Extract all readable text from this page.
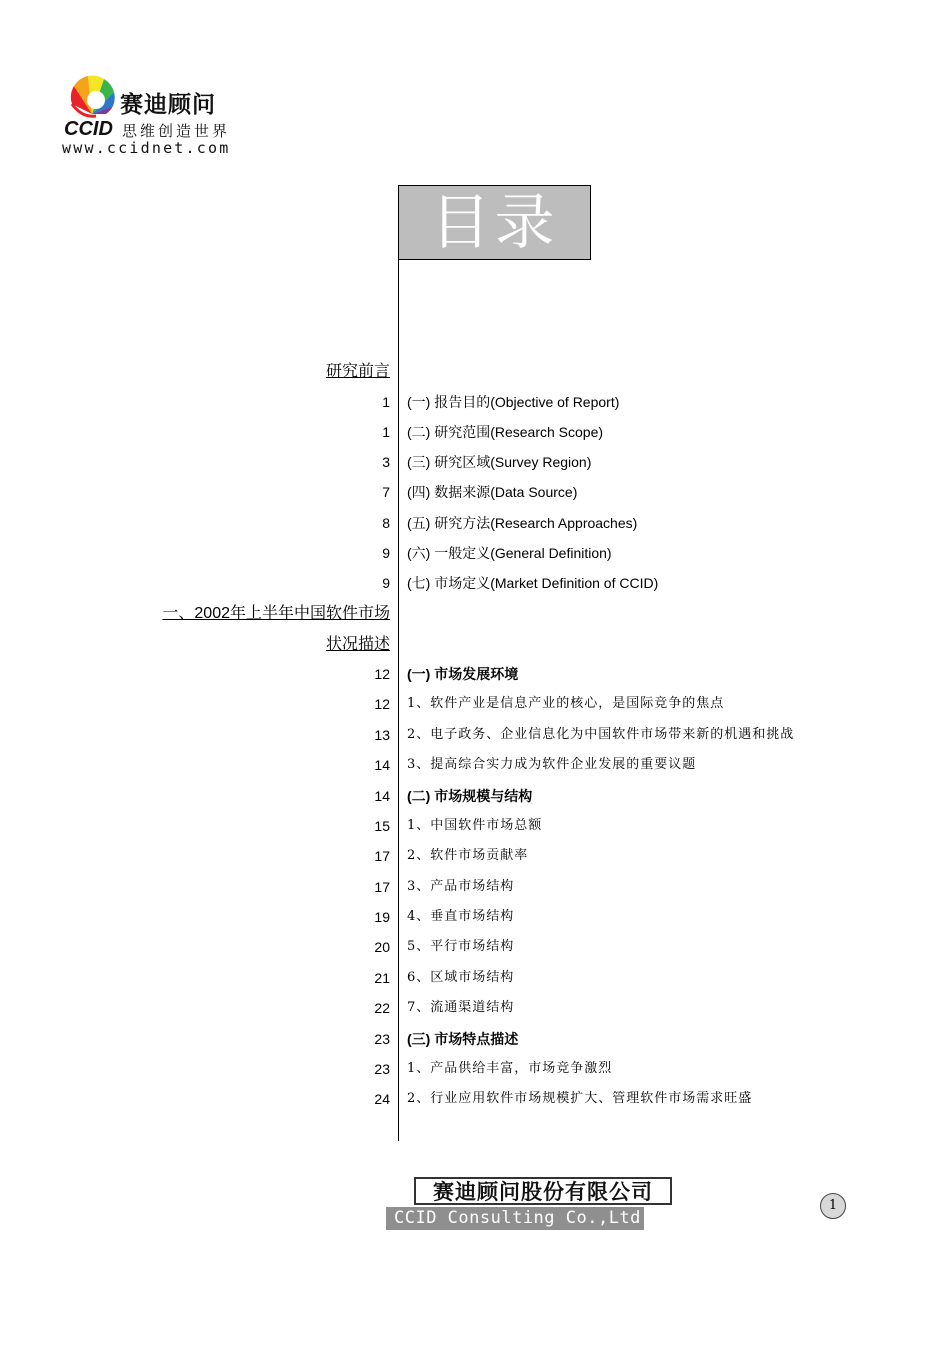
赛迪顾问
CCID 思维创造世界
www.ccidnet.com
目录
研究前言
1 (一) 报告目的(Objective of Report)
1 (二) 研究范围(Research Scope)
3 (三) 研究区域(Survey Region)
7 (四) 数据来源(Data Source)
8 (五) 研究方法(Research Approaches)
9 (六) 一般定义(General Definition)
9 (七) 市场定义(Market Definition of CCID)
一、2002年上半年中国软件市场
状况描述
12 (一) 市场发展环境
12 1、软件产业是信息产业的核心，是国际竞争的焦点
13 2、电子政务、企业信息化为中国软件市场带来新的机遇和挑战
14 3、提高综合实力成为软件企业发展的重要议题
14 (二) 市场规模与结构
15 1、中国软件市场总额
17 2、软件市场贡献率
17 3、产品市场结构
19 4、垂直市场结构
20 5、平行市场结构
21 6、区域市场结构
22 7、流通渠道结构
23 (三) 市场特点描述
23 1、产品供给丰富，市场竞争激烈
24 2、行业应用软件市场规模扩大、管理软件市场需求旺盛
赛迪顾问股份有限公司
CCID Consulting Co.,Ltd
1
